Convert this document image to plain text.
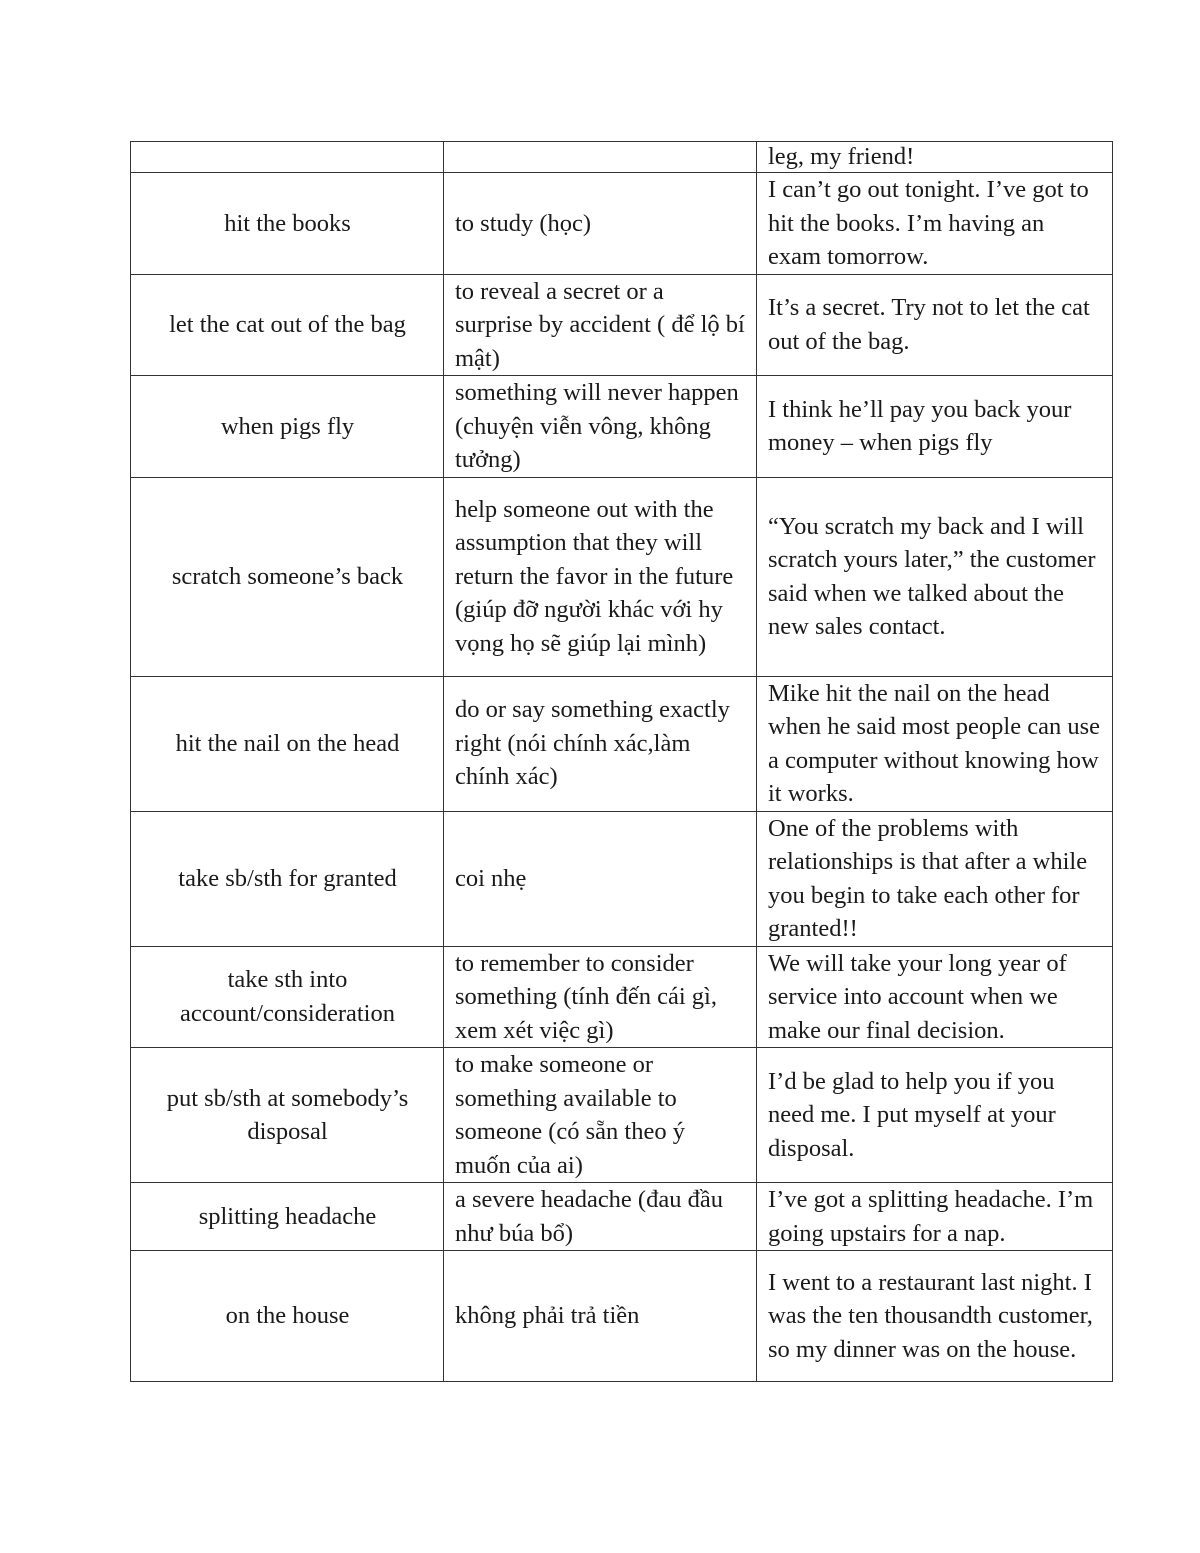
		leg, my friend!
hit the books	to study (học)	I can’t go out tonight. I’ve got to hit the books. I’m having an exam tomorrow.
let the cat out of the bag	to reveal a secret or a surprise by accident ( để lộ bí mật)	It’s a secret. Try not to let the cat out of the bag.
when pigs fly	something will never happen (chuyện viễn vông, không tưởng)	I think he’ll pay you back your money – when pigs fly
scratch someone’s back	help someone out with the assumption that they will return the favor in the future (giúp đỡ người khác với hy vọng họ sẽ giúp lại mình)	“You scratch my back and I will scratch yours later,” the customer said when we talked about the new sales contact.
hit the nail on the head	do or say something exactly right (nói chính xác,làm chính xác)	Mike hit the nail on the head when he said most people can use a computer without knowing how it works.
take sb/sth for granted	coi nhẹ	One of the problems with relationships is that after a while you begin to take each other for granted!!
take sth into account/consideration	to remember to consider something (tính đến cái gì, xem xét việc gì)	We will take your long year of service into account when we make our final decision.
put sb/sth at somebody’s disposal	to make someone or something available to someone (có sẵn theo ý muốn của ai)	I’d be glad to help you if you need me. I put myself at your disposal.
splitting headache	a severe headache (đau đầu như búa bổ)	I’ve got a splitting headache. I’m going upstairs for a nap.
on the house	không phải trả tiền	I went to a restaurant last night. I was the ten thousandth customer, so my dinner was on the house.
